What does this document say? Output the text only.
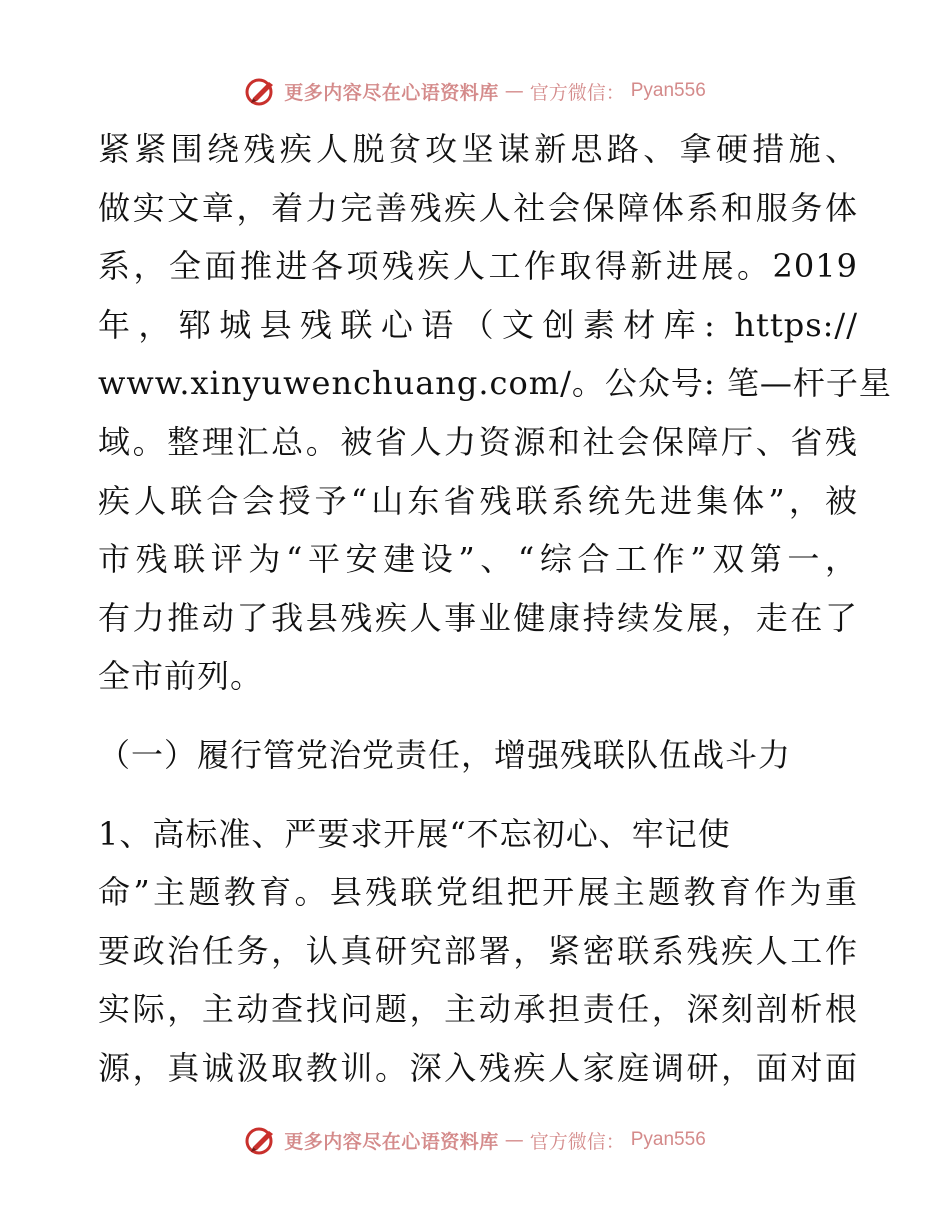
更多内容尽在心语资料库 — 官方微信： Pyan556
紧紧围绕残疾人脱贫攻坚谋新思路、拿硬措施、
做实文章，着力完善残疾人社会保障体系和服务体
系，全面推进各项残疾人工作取得新进展。2019
年，郓城县残联心语（文创素材库: https://
www.xinyuwenchuang.com/。公众号: 笔—杆子星
域。整理汇总。被省人力资源和社会保障厅、省残
疾人联合会授予“山东省残联系统先进集体”，被
市残联评为“平安建设”、“综合工作”双第一，
有力推动了我县残疾人事业健康持续发展，走在了
全市前列。
（一）履行管党治党责任，增强残联队伍战斗力
1、高标准、严要求开展“不忘初心、牢记使
命”主题教育。县残联党组把开展主题教育作为重
要政治任务，认真研究部署，紧密联系残疾人工作
实际，主动查找问题，主动承担责任，深刻剖析根
源，真诚汲取教训。深入残疾人家庭调研，面对面
更多内容尽在心语资料库 — 官方微信： Pyan556
